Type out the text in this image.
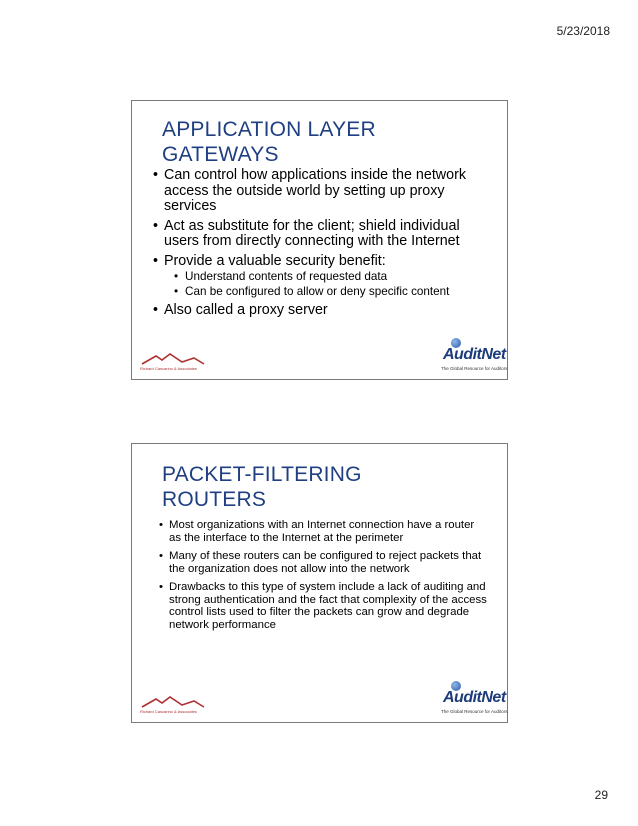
5/23/2018
APPLICATION LAYER
GATEWAYS
• Can control how applications inside the network access the outside world by setting up proxy services
• Act as substitute for the client; shield individual users from directly connecting with the Internet
• Provide a valuable security benefit:
• Understand contents of requested data
• Can be configured to allow or deny specific content
• Also called a proxy server
Richard Cascarino & Associates
AuditNet
The Global Resource for Auditors
PACKET-FILTERING
ROUTERS
• Most organizations with an Internet connection have a router as the interface to the Internet at the perimeter
• Many of these routers can be configured to reject packets that the organization does not allow into the network
• Drawbacks to this type of system include a lack of auditing and strong authentication and the fact that complexity of the access control lists used to filter the packets can grow and degrade network performance
Richard Cascarino & Associates
AuditNet
The Global Resource for Auditors
29
